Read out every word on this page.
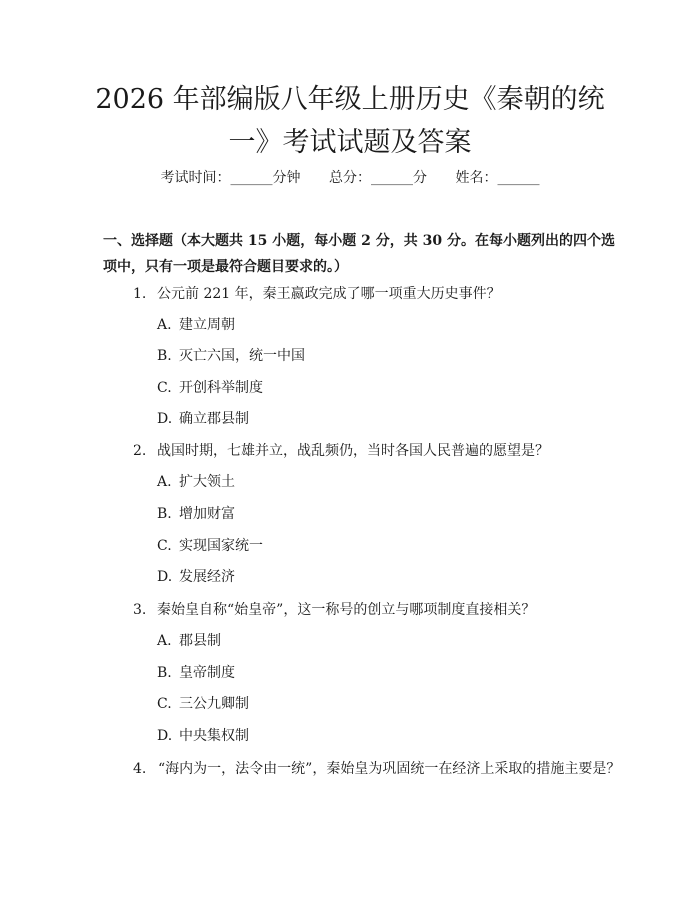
2026 年部编版八年级上册历史《秦朝的统一》考试试题及答案
考试时间：______分钟 总分：______分 姓名：______

一、选择题（本大题共 15 小题，每小题 2 分，共 30 分。在每小题列出的四个选项中，只有一项是最符合题目要求的。）

1. 公元前 221 年，秦王嬴政完成了哪一项重大历史事件？
A. 建立周朝
B. 灭亡六国，统一中国
C. 开创科举制度
D. 确立郡县制
2. 战国时期，七雄并立，战乱频仍，当时各国人民普遍的愿望是？
A. 扩大领土
B. 增加财富
C. 实现国家统一
D. 发展经济
3. 秦始皇自称“始皇帝”，这一称号的创立与哪项制度直接相关？
A. 郡县制
B. 皇帝制度
C. 三公九卿制
D. 中央集权制
4. “海内为一，法令由一统”，秦始皇为巩固统一在经济上采取的措施主要是？
